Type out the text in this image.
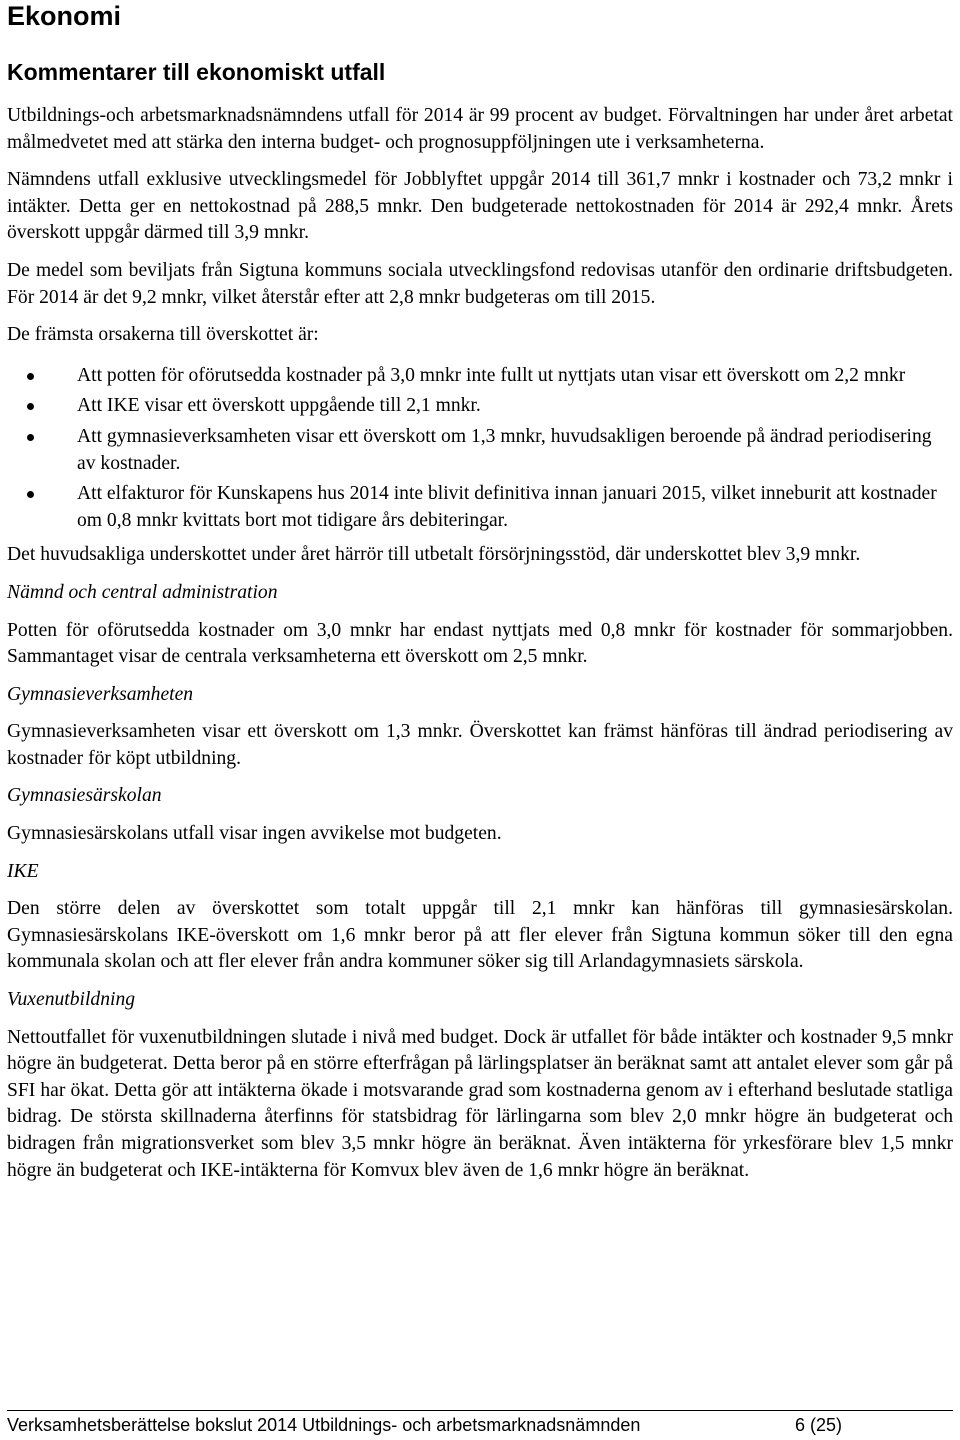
Ekonomi
Kommentarer till ekonomiskt utfall

Utbildnings-och arbetsmarknadsnämndens utfall för 2014 är 99 procent av budget. Förvaltningen har under året arbetat målmedvetet med att stärka den interna budget- och prognosuppföljningen ute i verksamheterna.

Nämndens utfall exklusive utvecklingsmedel för Jobblyftet uppgår 2014 till 361,7 mnkr i kostnader och 73,2 mnkr i intäkter. Detta ger en nettokostnad på 288,5 mnkr. Den budgeterade nettokostnaden för 2014 är 292,4 mnkr. Årets överskott uppgår därmed till 3,9 mnkr.

De medel som beviljats från Sigtuna kommuns sociala utvecklingsfond redovisas utanför den ordinarie driftsbudgeten. För 2014 är det 9,2 mnkr, vilket återstår efter att 2,8 mnkr budgeteras om till 2015.

De främsta orsakerna till överskottet är:

Att potten för oförutsedda kostnader på 3,0 mnkr inte fullt ut nyttjats utan visar ett överskott om 2,2 mnkr
Att IKE visar ett överskott uppgående till 2,1 mnkr.
Att gymnasieverksamheten visar ett överskott om 1,3 mnkr, huvudsakligen beroende på ändrad periodisering av kostnader.
Att elfakturor för Kunskapens hus 2014 inte blivit definitiva innan januari 2015, vilket inneburit att kostnader om 0,8 mnkr kvittats bort mot tidigare års debiteringar.

Det huvudsakliga underskottet under året härrör till utbetalt försörjningsstöd, där underskottet blev 3,9 mnkr.

Nämnd och central administration

Potten för oförutsedda kostnader om 3,0 mnkr har endast nyttjats med 0,8 mnkr för kostnader för sommarjobben. Sammantaget visar de centrala verksamheterna ett överskott om 2,5 mnkr.

Gymnasieverksamheten

Gymnasieverksamheten visar ett överskott om 1,3 mnkr. Överskottet kan främst hänföras till ändrad periodisering av kostnader för köpt utbildning.

Gymnasiesärskolan

Gymnasiesärskolans utfall visar ingen avvikelse mot budgeten.

IKE

Den större delen av överskottet som totalt uppgår till 2,1 mnkr kan hänföras till gymnasiesärskolan. Gymnasiesärskolans IKE-överskott om 1,6 mnkr beror på att fler elever från Sigtuna kommun söker till den egna kommunala skolan och att fler elever från andra kommuner söker sig till Arlandagymnasiets särskola.

Vuxenutbildning

Nettoutfallet för vuxenutbildningen slutade i nivå med budget. Dock är utfallet för både intäkter och kostnader 9,5 mnkr högre än budgeterat. Detta beror på en större efterfrågan på lärlingsplatser än beräknat samt att antalet elever som går på SFI har ökat. Detta gör att intäkterna ökade i motsvarande grad som kostnaderna genom av i efterhand beslutade statliga bidrag. De största skillnaderna återfinns för statsbidrag för lärlingarna som blev 2,0 mnkr högre än budgeterat och bidragen från migrationsverket som blev 3,5 mnkr högre än beräknat. Även intäkterna för yrkesförare blev 1,5 mnkr högre än budgeterat och IKE-intäkterna för Komvux blev även de 1,6 mnkr högre än beräknat.

Verksamhetsberättelse bokslut 2014 Utbildnings- och arbetsmarknadsnämnden	6 (25)
